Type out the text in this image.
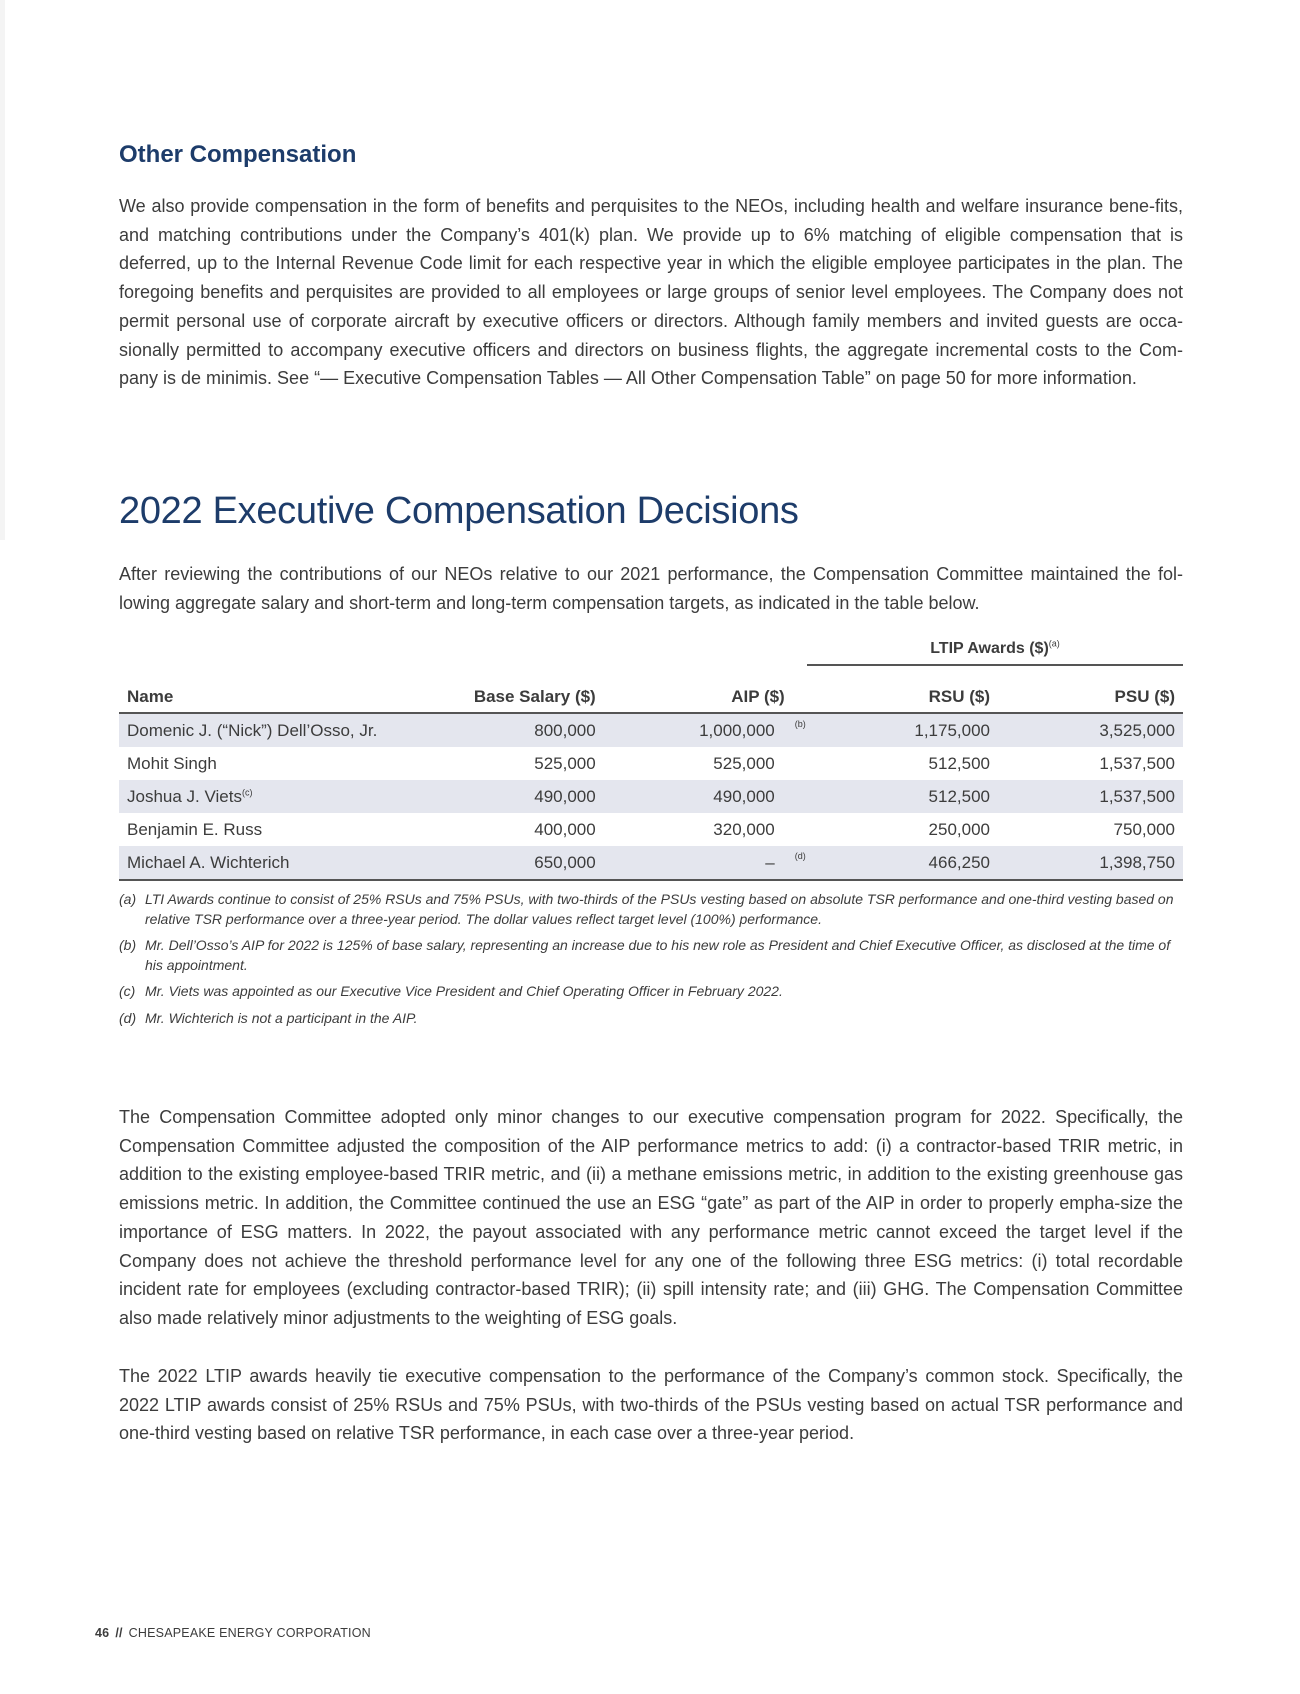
Other Compensation

We also provide compensation in the form of benefits and perquisites to the NEOs, including health and welfare insurance bene-fits, and matching contributions under the Company’s 401(k) plan. We provide up to 6% matching of eligible compensation that is deferred, up to the Internal Revenue Code limit for each respective year in which the eligible employee participates in the plan. The foregoing benefits and perquisites are provided to all employees or large groups of senior level employees. The Company does not permit personal use of corporate aircraft by executive officers or directors. Although family members and invited guests are occa-sionally permitted to accompany executive officers and directors on business flights, the aggregate incremental costs to the Com-pany is de minimis. See “— Executive Compensation Tables — All Other Compensation Table” on page 50 for more information.

2022 Executive Compensation Decisions

After reviewing the contributions of our NEOs relative to our 2021 performance, the Compensation Committee maintained the fol-lowing aggregate salary and short-term and long-term compensation targets, as indicated in the table below.

LTIP Awards ($)$^{(a)}$
Name	Base Salary ($)	AIP ($)	RSU ($)	PSU ($)
Domenic J. (“Nick”) Dell’Osso, Jr.	800,000	1,000,000 (b)	1,175,000	3,525,000
Mohit Singh	525,000	525,000	512,500	1,537,500
Joshua J. Viets$^{(c)}$	490,000	490,000	512,500	1,537,500
Benjamin E. Russ	400,000	320,000	250,000	750,000
Michael A. Wichterich	650,000	– (d)	466,250	1,398,750
(a) LTI Awards continue to consist of 25% RSUs and 75% PSUs, with two-thirds of the PSUs vesting based on absolute TSR performance and one-third vesting based on relative TSR performance over a three-year period. The dollar values reflect target level (100%) performance.
(b) Mr. Dell’Osso’s AIP for 2022 is 125% of base salary, representing an increase due to his new role as President and Chief Executive Officer, as disclosed at the time of his appointment.
(c) Mr. Viets was appointed as our Executive Vice President and Chief Operating Officer in February 2022.
(d) Mr. Wichterich is not a participant in the AIP.

The Compensation Committee adopted only minor changes to our executive compensation program for 2022. Specifically, the Compensation Committee adjusted the composition of the AIP performance metrics to add: (i) a contractor-based TRIR metric, in addition to the existing employee-based TRIR metric, and (ii) a methane emissions metric, in addition to the existing greenhouse gas emissions metric. In addition, the Committee continued the use an ESG “gate” as part of the AIP in order to properly empha-size the importance of ESG matters. In 2022, the payout associated with any performance metric cannot exceed the target level if the Company does not achieve the threshold performance level for any one of the following three ESG metrics: (i) total recordable incident rate for employees (excluding contractor-based TRIR); (ii) spill intensity rate; and (iii) GHG. The Compensation Committee also made relatively minor adjustments to the weighting of ESG goals.

The 2022 LTIP awards heavily tie executive compensation to the performance of the Company’s common stock. Specifically, the 2022 LTIP awards consist of 25% RSUs and 75% PSUs, with two-thirds of the PSUs vesting based on actual TSR performance and one-third vesting based on relative TSR performance, in each case over a three-year period.

46 // CHESAPEAKE ENERGY CORPORATION
